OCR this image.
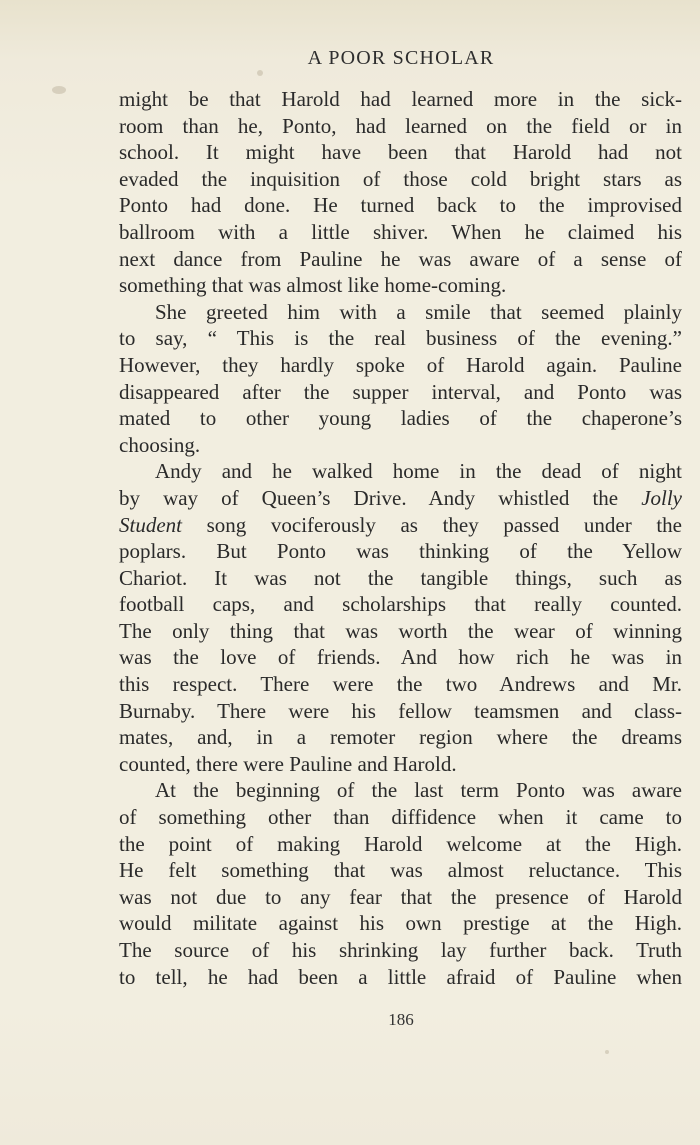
A POOR SCHOLAR
might be that Harold had learned more in the sick-
room than he, Ponto, had learned on the field or in
school. It might have been that Harold had not
evaded the inquisition of those cold bright stars as
Ponto had done. He turned back to the improvised
ballroom with a little shiver. When he claimed his
next dance from Pauline he was aware of a sense of
something that was almost like home-coming.
She greeted him with a smile that seemed plainly
to say, “ This is the real business of the evening.”
However, they hardly spoke of Harold again. Pauline
disappeared after the supper interval, and Ponto was
mated to other young ladies of the chaperone’s
choosing.
Andy and he walked home in the dead of night
by way of Queen’s Drive. Andy whistled the Jolly
Student song vociferously as they passed under the
poplars. But Ponto was thinking of the Yellow
Chariot. It was not the tangible things, such as
football caps, and scholarships that really counted.
The only thing that was worth the wear of winning
was the love of friends. And how rich he was in
this respect. There were the two Andrews and Mr.
Burnaby. There were his fellow teamsmen and class-
mates, and, in a remoter region where the dreams
counted, there were Pauline and Harold.
At the beginning of the last term Ponto was aware
of something other than diffidence when it came to
the point of making Harold welcome at the High.
He felt something that was almost reluctance. This
was not due to any fear that the presence of Harold
would militate against his own prestige at the High.
The source of his shrinking lay further back. Truth
to tell, he had been a little afraid of Pauline when
186
